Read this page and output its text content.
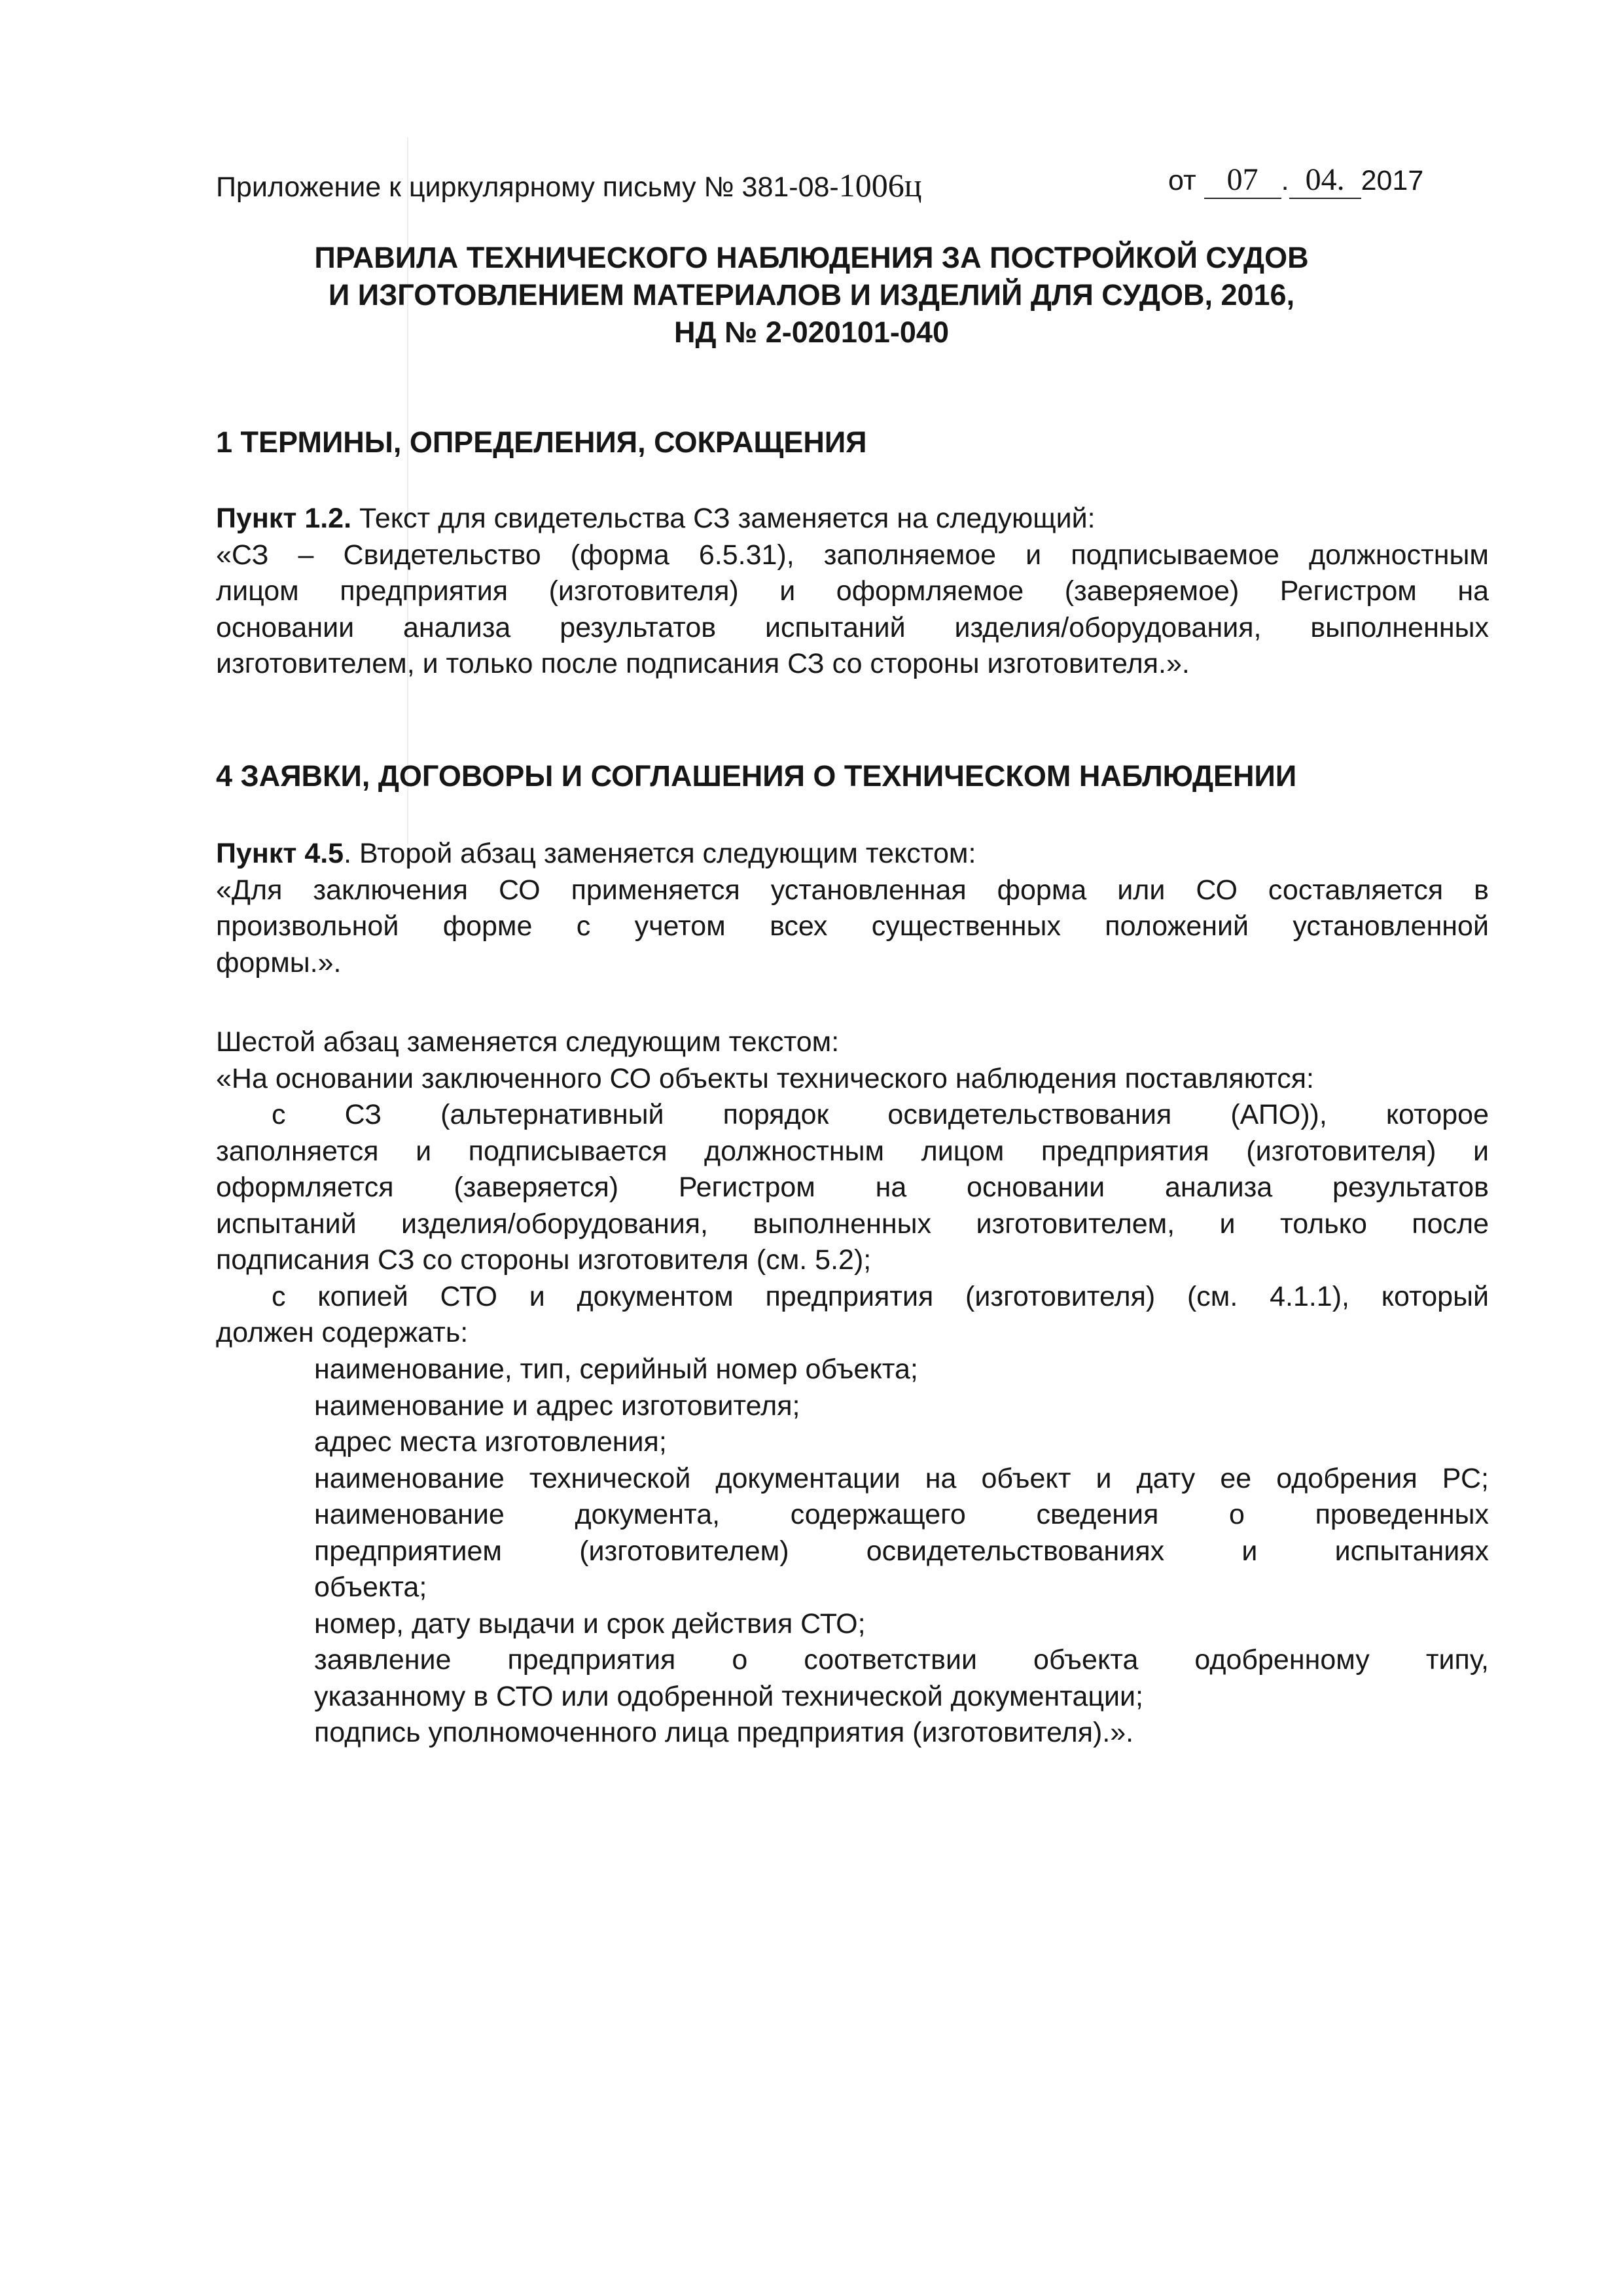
Приложение к циркулярному письму № 381-08-1006ц	от 07 . 04. 2017
ПРАВИЛА ТЕХНИЧЕСКОГО НАБЛЮДЕНИЯ ЗА ПОСТРОЙКОЙ СУДОВ
И ИЗГОТОВЛЕНИЕМ МАТЕРИАЛОВ И ИЗДЕЛИЙ ДЛЯ СУДОВ, 2016,
НД № 2-020101-040
1 ТЕРМИНЫ, ОПРЕДЕЛЕНИЯ, СОКРАЩЕНИЯ
Пункт 1.2. Текст для свидетельства СЗ заменяется на следующий:
«СЗ – Свидетельство (форма 6.5.31), заполняемое и подписываемое должностным
лицом предприятия (изготовителя) и оформляемое (заверяемое) Регистром на
основании анализа результатов испытаний изделия/оборудования, выполненных
изготовителем, и только после подписания СЗ со стороны изготовителя.».
4 ЗАЯВКИ, ДОГОВОРЫ И СОГЛАШЕНИЯ О ТЕХНИЧЕСКОМ НАБЛЮДЕНИИ
Пункт 4.5. Второй абзац заменяется следующим текстом:
«Для заключения СО применяется установленная форма или СО составляется в
произвольной форме с учетом всех существенных положений установленной
формы.».
Шестой абзац заменяется следующим текстом:
«На основании заключенного СО объекты технического наблюдения поставляются:
с СЗ (альтернативный порядок освидетельствования (АПО)), которое
заполняется и подписывается должностным лицом предприятия (изготовителя) и
оформляется (заверяется) Регистром на основании анализа результатов
испытаний изделия/оборудования, выполненных изготовителем, и только после
подписания СЗ со стороны изготовителя (см. 5.2);
с копией СТО и документом предприятия (изготовителя) (см. 4.1.1), который
должен содержать:
наименование, тип, серийный номер объекта;
наименование и адрес изготовителя;
адрес места изготовления;
наименование технической документации на объект и дату ее одобрения РС;
наименование документа, содержащего сведения о проведенных
предприятием (изготовителем) освидетельствованиях и испытаниях
объекта;
номер, дату выдачи и срок действия СТО;
заявление предприятия о соответствии объекта одобренному типу,
указанному в СТО или одобренной технической документации;
подпись уполномоченного лица предприятия (изготовителя).».
